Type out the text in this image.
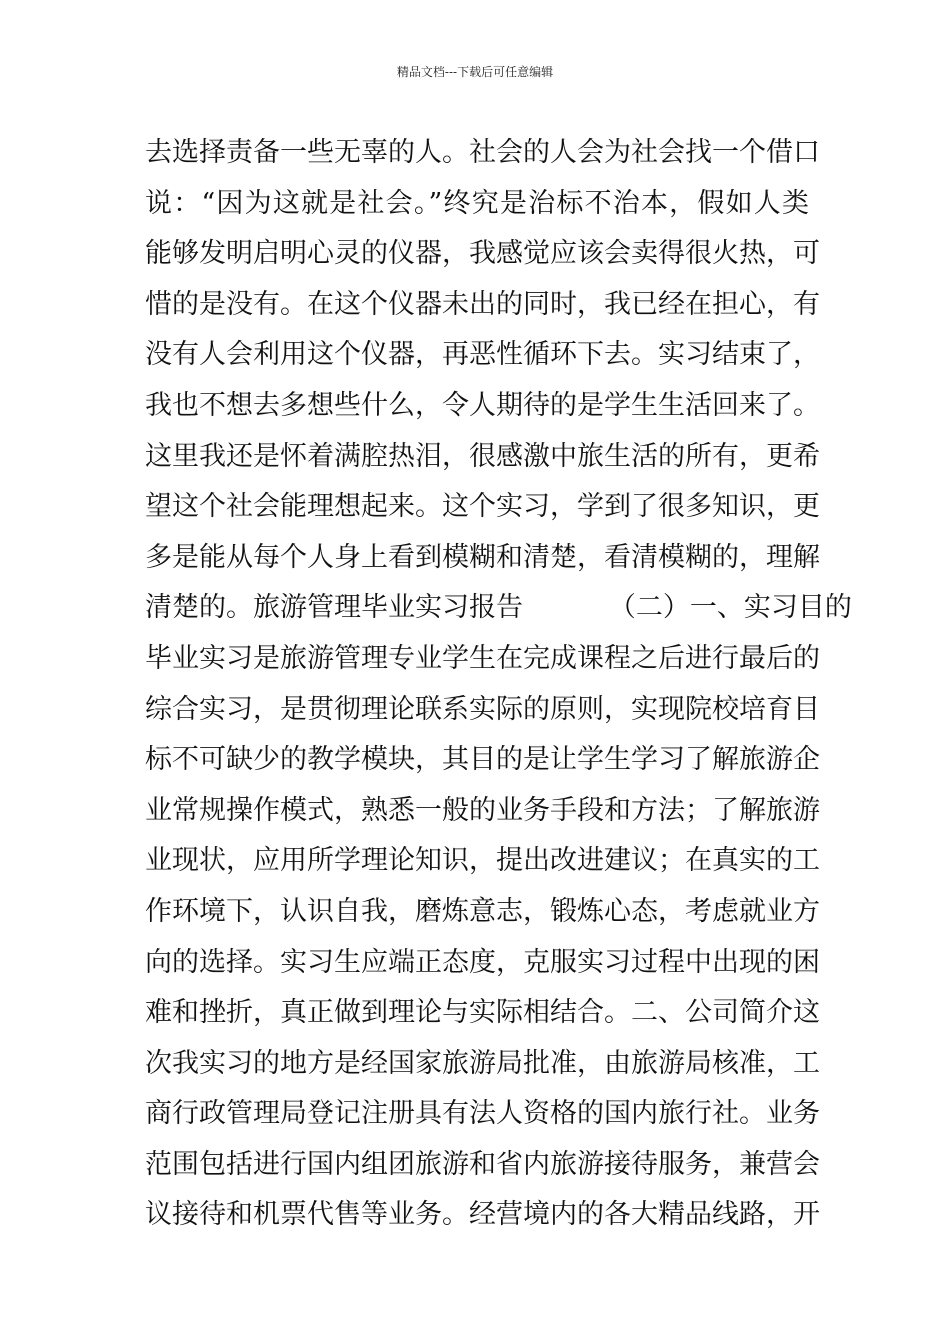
精品文档---下载后可任意编辑
去选择责备一些无辜的人。社会的人会为社会找一个借口
说：“因为这就是社会。”终究是治标不治本，假如人类
能够发明启明心灵的仪器，我感觉应该会卖得很火热，可
惜的是没有。在这个仪器未出的同时，我已经在担心，有
没有人会利用这个仪器，再恶性循环下去。实习结束了，
我也不想去多想些什么，令人期待的是学生生活回来了。
这里我还是怀着满腔热泪，很感激中旅生活的所有，更希
望这个社会能理想起来。这个实习，学到了很多知识，更
多是能从每个人身上看到模糊和清楚，看清模糊的，理解
清楚的。旅游管理毕业实习报告          （二）一、实习目的
毕业实习是旅游管理专业学生在完成课程之后进行最后的
综合实习，是贯彻理论联系实际的原则，实现院校培育目
标不可缺少的教学模块，其目的是让学生学习了解旅游企
业常规操作模式，熟悉一般的业务手段和方法；了解旅游
业现状，应用所学理论知识，提出改进建议；在真实的工
作环境下，认识自我，磨炼意志，锻炼心态，考虑就业方
向的选择。实习生应端正态度，克服实习过程中出现的困
难和挫折，真正做到理论与实际相结合。二、公司简介这
次我实习的地方是经国家旅游局批准，由旅游局核准，工
商行政管理局登记注册具有法人资格的国内旅行社。业务
范围包括进行国内组团旅游和省内旅游接待服务，兼营会
议接待和机票代售等业务。经营境内的各大精品线路，开
